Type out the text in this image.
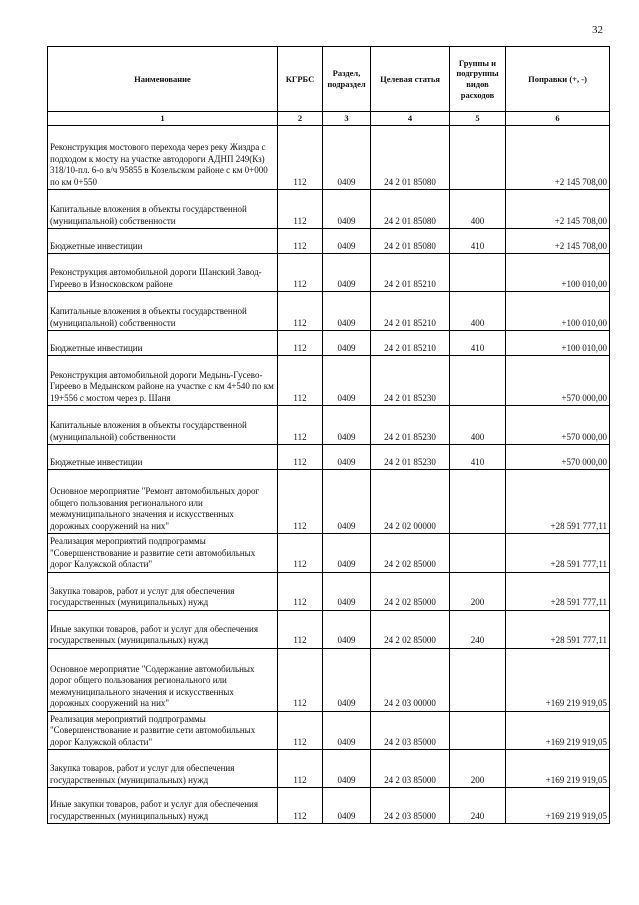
32
Наименование	КГРБС	Раздел, подраздел	Целевая статья	Группы и подгруппы видов расходов	Поправки (+, -)
1	2	3	4	5	6
Реконструкция мостового перехода через реку Жиздра с подходом к мосту на участке автодороги АДНП 249(Кз) 318/10-пл. 6-о в/ч 95855 в Козельском районе с км 0+000 по км 0+550	112	0409	24 2 01 85080		+2 145 708,00
Капитальные вложения в объекты государственной (муниципальной) собственности	112	0409	24 2 01 85080	400	+2 145 708,00
Бюджетные инвестиции	112	0409	24 2 01 85080	410	+2 145 708,00
Реконструкция автомобильной дороги Шанский Завод-Гиреево в Износковском районе	112	0409	24 2 01 85210		+100 010,00
Капитальные вложения в объекты государственной (муниципальной) собственности	112	0409	24 2 01 85210	400	+100 010,00
Бюджетные инвестиции	112	0409	24 2 01 85210	410	+100 010,00
Реконструкция автомобильной дороги Медынь-Гусево-Гиреево в Медынском районе на участке с км 4+540 по км 19+556 с мостом через р. Шаня	112	0409	24 2 01 85230		+570 000,00
Капитальные вложения в объекты государственной (муниципальной) собственности	112	0409	24 2 01 85230	400	+570 000,00
Бюджетные инвестиции	112	0409	24 2 01 85230	410	+570 000,00
Основное мероприятие "Ремонт автомобильных дорог общего пользования регионального или межмуниципального значения и искусственных дорожных сооружений на них"	112	0409	24 2 02 00000		+28 591 777,11
Реализация мероприятий подпрограммы "Совершенствование и развитие сети автомобильных дорог Калужской области"	112	0409	24 2 02 85000		+28 591 777,11
Закупка товаров, работ и услуг для обеспечения государственных (муниципальных) нужд	112	0409	24 2 02 85000	200	+28 591 777,11
Иные закупки товаров, работ и услуг для обеспечения государственных (муниципальных) нужд	112	0409	24 2 02 85000	240	+28 591 777,11
Основное мероприятие "Содержание автомобильных дорог общего пользования регионального или межмуниципального значения и искусственных дорожных сооружений на них"	112	0409	24 2 03 00000		+169 219 919,05
Реализация мероприятий подпрограммы "Совершенствование и развитие сети автомобильных дорог Калужской области"	112	0409	24 2 03 85000		+169 219 919,05
Закупка товаров, работ и услуг для обеспечения государственных (муниципальных) нужд	112	0409	24 2 03 85000	200	+169 219 919,05
Иные закупки товаров, работ и услуг для обеспечения государственных (муниципальных) нужд	112	0409	24 2 03 85000	240	+169 219 919,05
